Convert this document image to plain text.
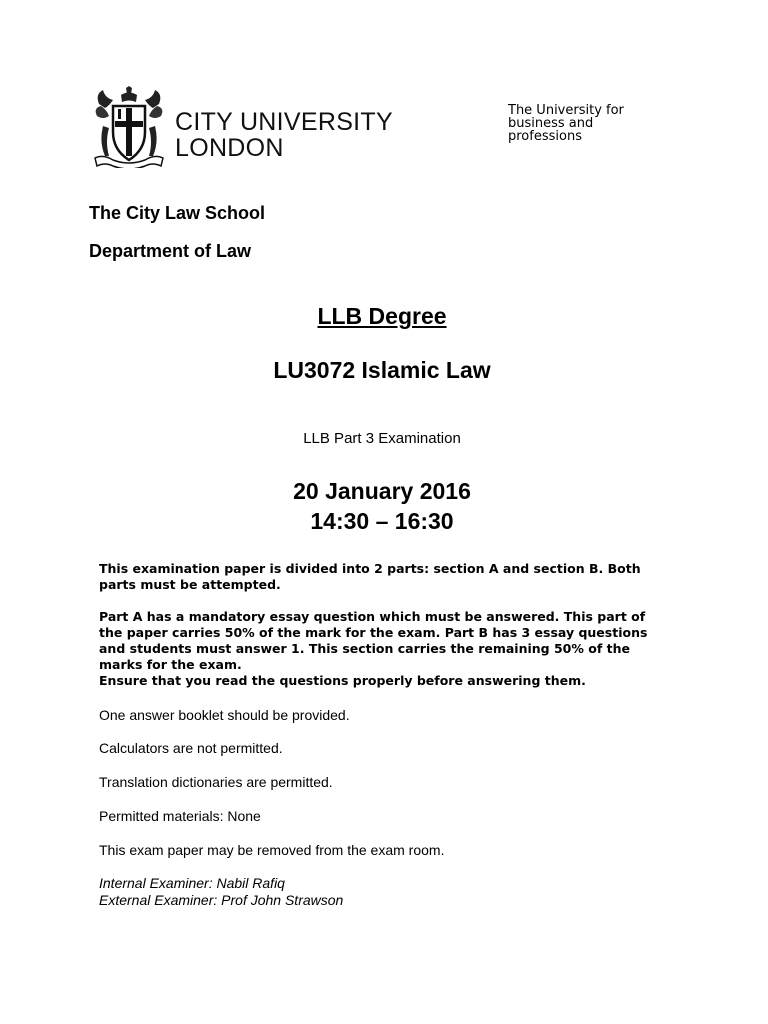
CITY UNIVERSITY
LONDON
The University for
business and
professions
The City Law School
Department of Law
LLB Degree
LU3072 Islamic Law
LLB Part 3 Examination
20 January 2016
14:30 – 16:30

This examination paper is divided into 2 parts: section A and section B. Both parts must be attempted.

Part A has a mandatory essay question which must be answered. This part of the paper carries 50% of the mark for the exam. Part B has 3 essay questions and students must answer 1. This section carries the remaining 50% of the marks for the exam.

Ensure that you read the questions properly before answering them.

One answer booklet should be provided.
Calculators are not permitted.
Translation dictionaries are permitted.
Permitted materials: None
This exam paper may be removed from the exam room.
Internal Examiner: Nabil Rafiq
External Examiner: Prof John Strawson
